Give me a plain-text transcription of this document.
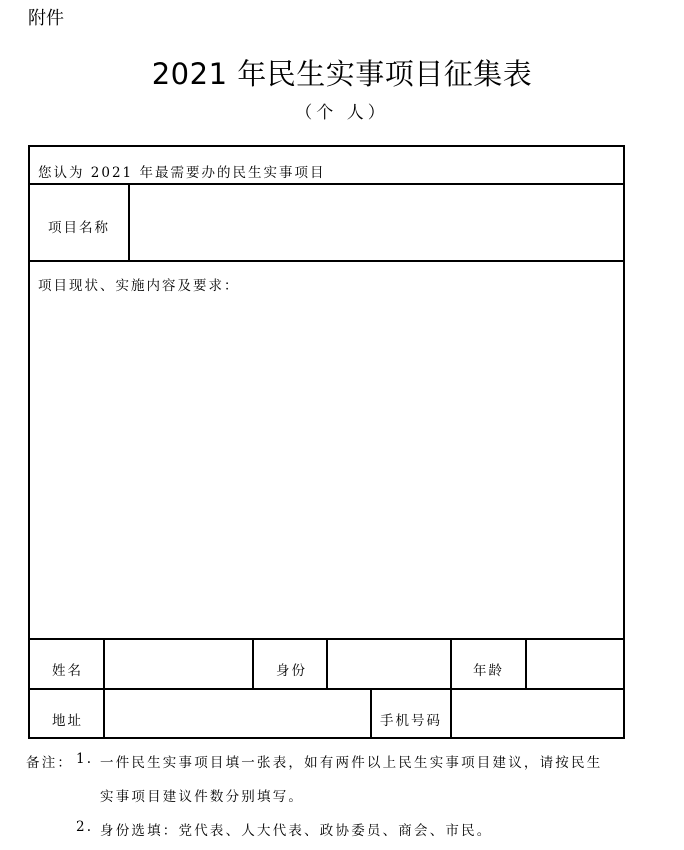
附件
2021 年民生实事项目征集表
（个 人）
您认为 2021 年最需要办的民生实事项目
项目名称
项目现状、实施内容及要求：
姓名	身份	年龄
地址	手机号码
备注： 1. 一件民生实事项目填一张表，如有两件以上民生实事项目建议，请按民生
实事项目建议件数分别填写。
2. 身份选填：党代表、人大代表、政协委员、商会、市民。
